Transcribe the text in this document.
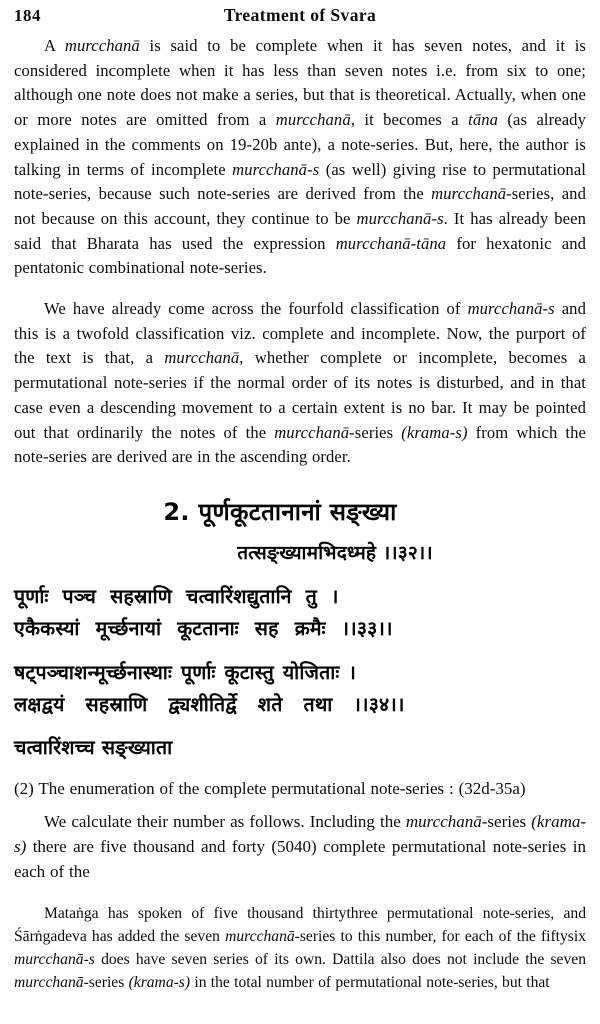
184	Treatment of Svara

A murcchanā is said to be complete when it has seven notes, and it is considered incomplete when it has less than seven notes i.e. from six to one; although one note does not make a series, but that is theoretical. Actually, when one or more notes are omitted from a murcchanā, it becomes a tāna (as already explained in the comments on 19-20b ante), a note-series. But, here, the author is talking in terms of incomplete murcchanā-s (as well) giving rise to permutational note-series, because such note-series are derived from the murcchanā-series, and not because on this account, they continue to be murcchanā-s. It has already been said that Bharata has used the expression murcchanā-tāna for hexatonic and pentatonic combinational note-series.

We have already come across the fourfold classification of murcchanā-s and this is a twofold classification viz. complete and incomplete. Now, the purport of the text is that, a murcchanā, whether complete or incomplete, becomes a permutational note-series if the normal order of its notes is disturbed, and in that case even a descending movement to a certain extent is no bar. It may be pointed out that ordinarily the notes of the murcchanā-series (krama-s) from which the note-series are derived are in the ascending order.

2. पूर्णकूटतानानां सङ्ख्या
तत्सङ्ख्यामभिदध्महे ।।३२।।
पूर्णाः पञ्च सहस्राणि चत्वारिंशद्युतानि तु ।
एकैकस्यां मूर्च्छनायां कूटतानाः सह क्रमैः ।।३३।।
षट्पञ्चाशन्मूर्च्छनास्थाः पूर्णाः कूटास्तु योजिताः ।
लक्षद्वयं सहस्राणि द्व्यशीतिर्द्वे शते तथा ।।३४।।
चत्वारिंशच्च सङ्ख्याता

(2) The enumeration of the complete permutational note-series : (32d-35a)

We calculate their number as follows. Including the murcchanā-series (krama-s) there are five thousand and forty (5040) complete permutational note-series in each of the

Mataṅga has spoken of five thousand thirtythree permutational note-series, and Śārṅgadeva has added the seven murcchanā-series to this number, for each of the fiftysix murcchanā-s does have seven series of its own. Dattila also does not include the seven murcchanā-series (krama-s) in the total number of permutational note-series, but that
